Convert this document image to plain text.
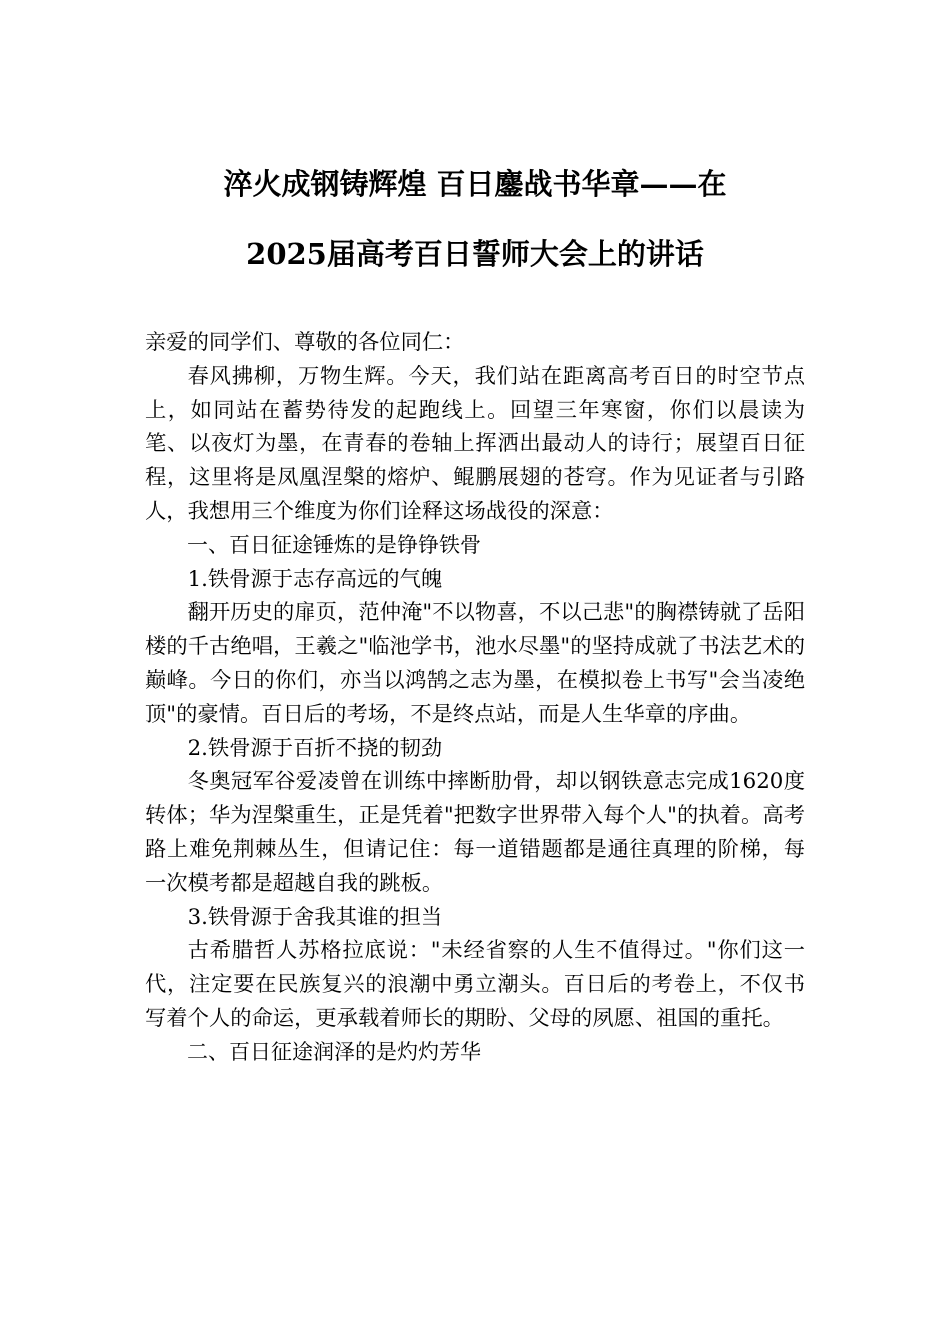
淬火成钢铸辉煌 百日鏖战书华章——在
2025届高考百日誓师大会上的讲话

亲爱的同学们、尊敬的各位同仁：

春风拂柳，万物生辉。今天，我们站在距离高考百日的时空节点上，如同站在蓄势待发的起跑线上。回望三年寒窗，你们以晨读为笔、以夜灯为墨，在青春的卷轴上挥洒出最动人的诗行；展望百日征程，这里将是凤凰涅槃的熔炉、鲲鹏展翅的苍穹。作为见证者与引路人，我想用三个维度为你们诠释这场战役的深意：

一、百日征途锤炼的是铮铮铁骨

1.铁骨源于志存高远的气魄

翻开历史的扉页，范仲淹"不以物喜，不以己悲"的胸襟铸就了岳阳楼的千古绝唱，王羲之"临池学书，池水尽墨"的坚持成就了书法艺术的巅峰。今日的你们，亦当以鸿鹄之志为墨，在模拟卷上书写"会当凌绝顶"的豪情。百日后的考场，不是终点站，而是人生华章的序曲。

2.铁骨源于百折不挠的韧劲

冬奥冠军谷爱凌曾在训练中摔断肋骨，却以钢铁意志完成1620度转体；华为涅槃重生，正是凭着"把数字世界带入每个人"的执着。高考路上难免荆棘丛生，但请记住：每一道错题都是通往真理的阶梯，每一次模考都是超越自我的跳板。

3.铁骨源于舍我其谁的担当

古希腊哲人苏格拉底说："未经省察的人生不值得过。"你们这一代，注定要在民族复兴的浪潮中勇立潮头。百日后的考卷上，不仅书写着个人的命运，更承载着师长的期盼、父母的夙愿、祖国的重托。

二、百日征途润泽的是灼灼芳华
